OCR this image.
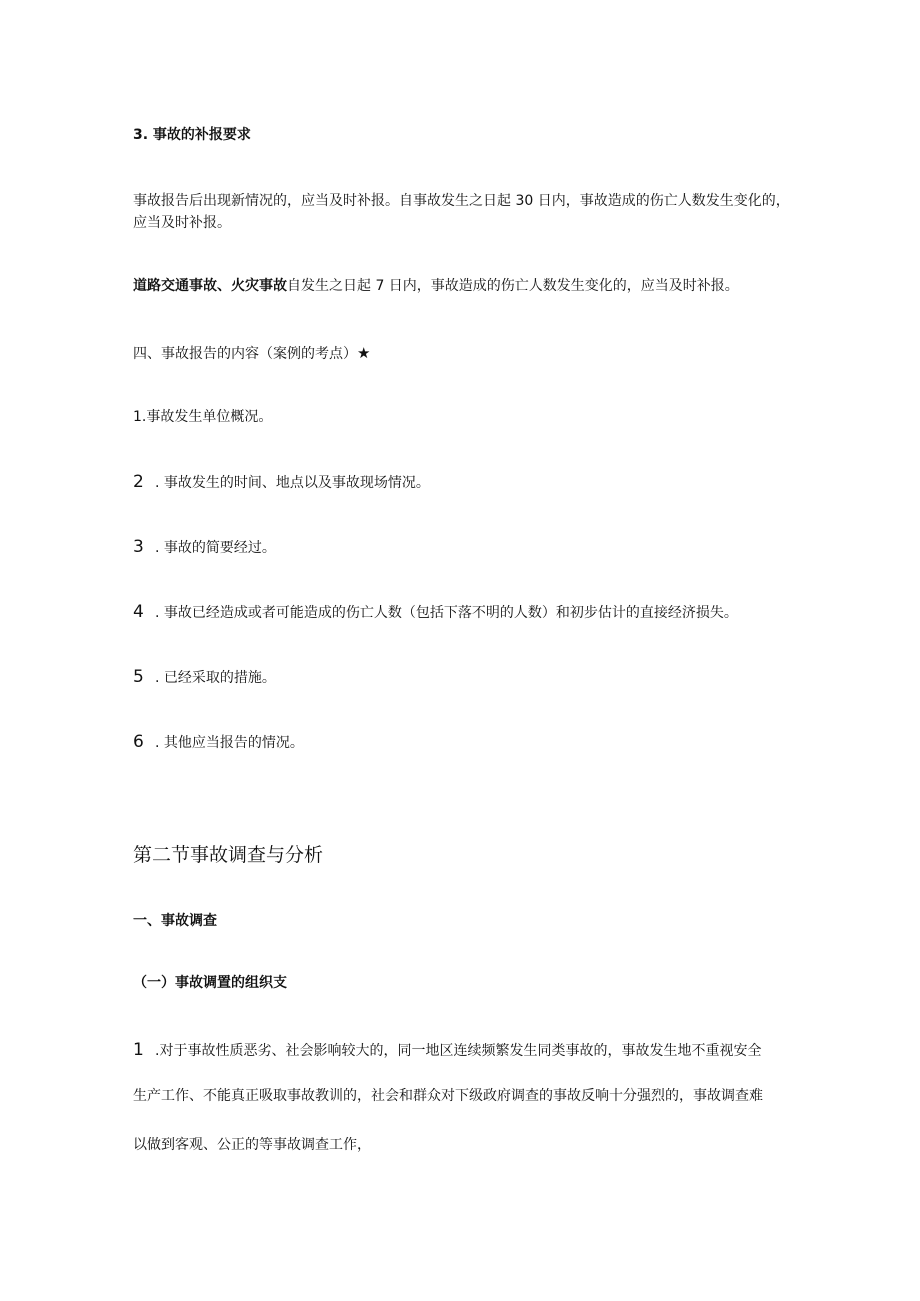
3. 事故的补报要求
事故报告后出现新情况的，应当及时补报。自事故发生之日起 30 日内，事故造成的伤亡人数发生变化的，应当及时补报。
道路交通事故、火灾事故自发生之日起 7 日内，事故造成的伤亡人数发生变化的，应当及时补报。
四、事故报告的内容（案例的考点）★
1.事故发生单位概况。
2 . 事故发生的时间、地点以及事故现场情况。
3 . 事故的简要经过。
4 . 事故已经造成或者可能造成的伤亡人数（包括下落不明的人数）和初步估计的直接经济损失。
5 . 已经采取的措施。
6 . 其他应当报告的情况。
第二节事故调查与分析
一、事故调查
（一）事故调置的组织支
1 .对于事故性质恶劣、社会影响较大的，同一地区连续频繁发生同类事故的，事故发生地不重视安全
生产工作、不能真正吸取事故教训的，社会和群众对下级政府调查的事故反响十分强烈的，事故调查难
以做到客观、公正的等事故调查工作，
